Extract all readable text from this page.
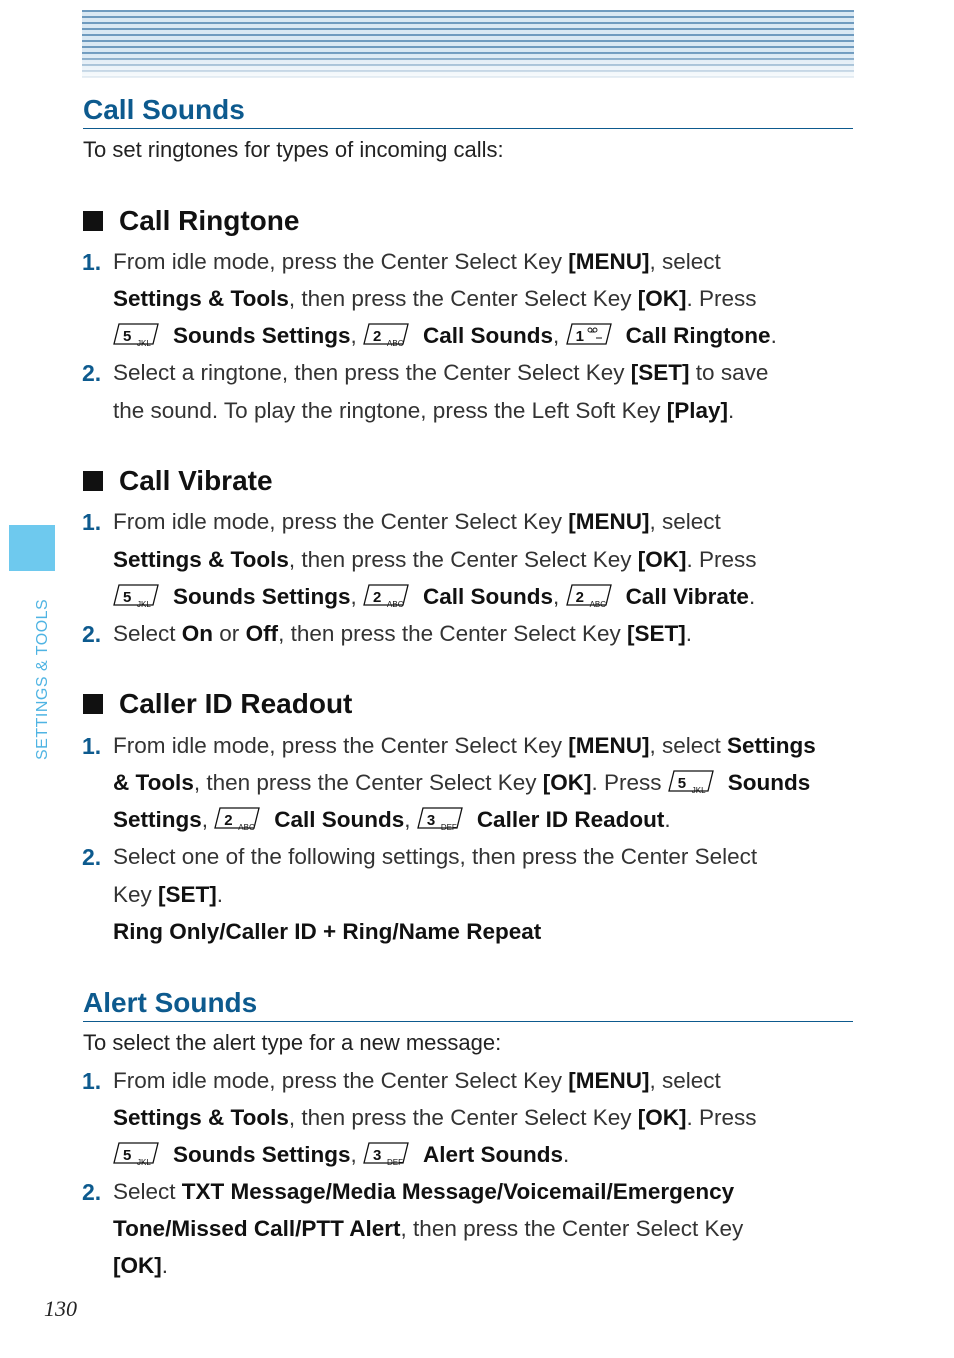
SETTINGS & TOOLS
Call Sounds
To set ringtones for types of incoming calls:
Call Ringtone
1. From idle mode, press the Center Select Key [MENU], select
Settings & Tools, then press the Center Select Key [OK]. Press
5 JKL Sounds Settings, 2 ABC Call Sounds, 1 Call Ringtone.
2. Select a ringtone, then press the Center Select Key [SET] to save
the sound. To play the ringtone, press the Left Soft Key [Play].
Call Vibrate
1. From idle mode, press the Center Select Key [MENU], select
Settings & Tools, then press the Center Select Key [OK]. Press
5 JKL Sounds Settings, 2 ABC Call Sounds, 2 ABC Call Vibrate.
2. Select On or Off, then press the Center Select Key [SET].
Caller ID Readout
1. From idle mode, press the Center Select Key [MENU], select Settings
& Tools, then press the Center Select Key [OK]. Press 5 JKL Sounds
Settings, 2 ABC Call Sounds, 3 DEF Caller ID Readout.
2. Select one of the following settings, then press the Center Select
Key [SET].
Ring Only/Caller ID + Ring/Name Repeat
Alert Sounds
To select the alert type for a new message:
1. From idle mode, press the Center Select Key [MENU], select
Settings & Tools, then press the Center Select Key [OK]. Press
5 JKL Sounds Settings, 3 DEF Alert Sounds.
2. Select TXT Message/Media Message/Voicemail/Emergency
Tone/Missed Call/PTT Alert, then press the Center Select Key
[OK].
130
